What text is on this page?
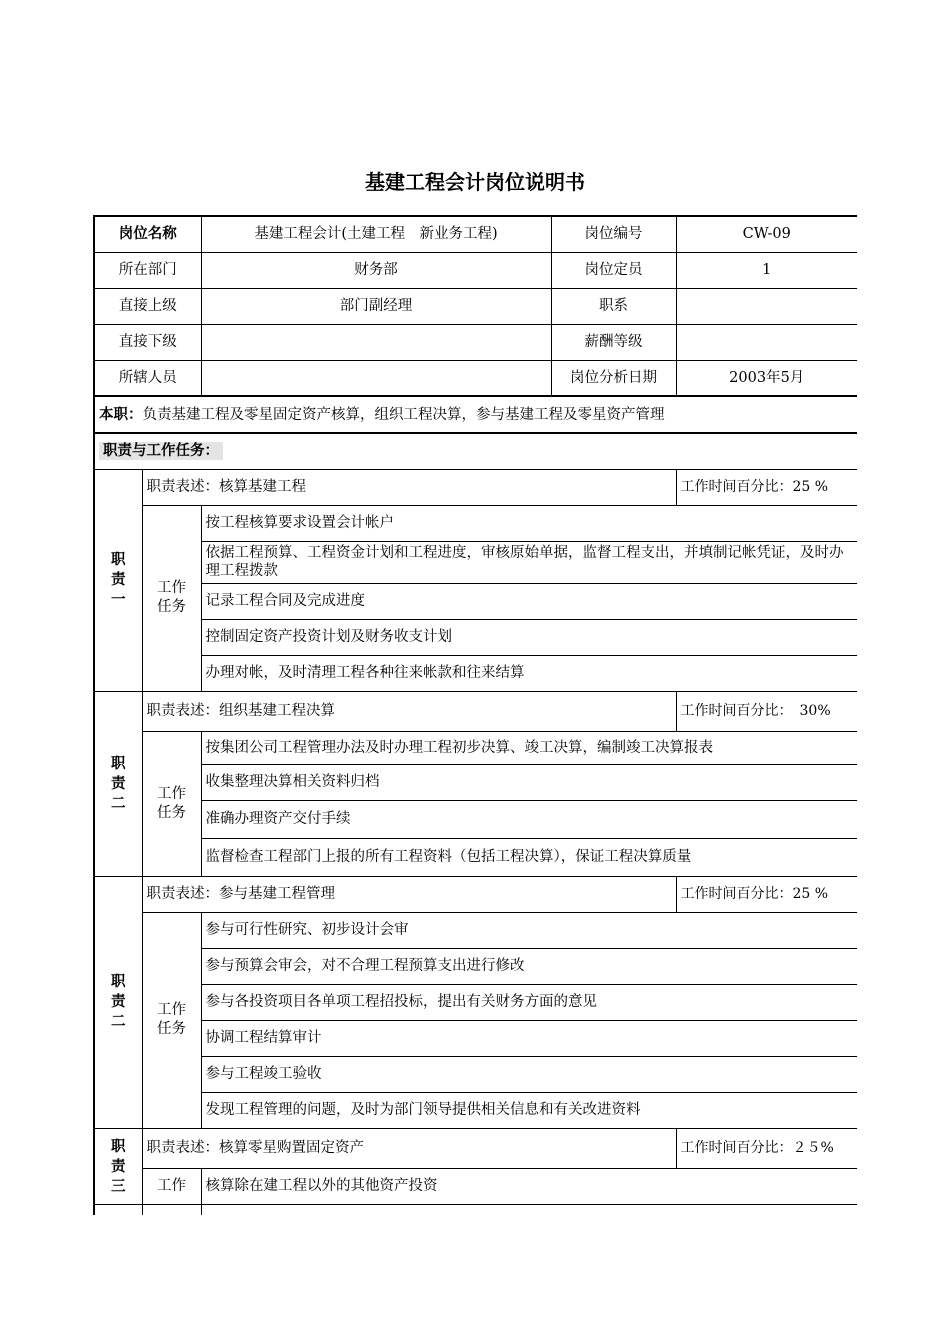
基建工程会计岗位说明书
岗位名称		基建工程会计(土建工程　新业务工程)	岗位编号	CW-09
所在部门		财务部	岗位定员	1
直接上级		部门副经理	职系	
直接下级			薪酬等级	
所辖人员			岗位分析日期	2003年5月
本职：负责基建工程及零星固定资产核算，组织工程决算，参与基建工程及零星资产管理				
职责与工作任务：				

职责一	职责表述：核算基建工程			工作时间百分比：25 %
	工作
任务	按工程核算要求设置会计帐户		
		依据工程预算、工程资金计划和工程进度，审核原始单据，监督工程支出，并填制记帐凭证，及时办理工程拨款		
		记录工程合同及完成进度		
		控制固定资产投资计划及财务收支计划		
		办理对帐，及时清理工程各种往来帐款和往来结算		

职责二	职责表述：组织基建工程决算			工作时间百分比：　30%
	工作
任务	按集团公司工程管理办法及时办理工程初步决算、竣工决算，编制竣工决算报表		
		收集整理决算相关资料归档		
		准确办理资产交付手续		
		监督检查工程部门上报的所有工程资料（包括工程决算），保证工程决算质量		

职责二	职责表述：参与基建工程管理			工作时间百分比：25 %
	工作
任务	参与可行性研究、初步设计会审		
		参与预算会审会，对不合理工程预算支出进行修改		
		参与各投资项目各单项工程招投标，提出有关财务方面的意见		
		协调工程结算审计		
		参与工程竣工验收		
		发现工程管理的问题，及时为部门领导提供相关信息和有关改进资料		

职责三	职责表述：核算零星购置固定资产			工作时间百分比：２５%
	工作	核算除在建工程以外的其他资产投资		
